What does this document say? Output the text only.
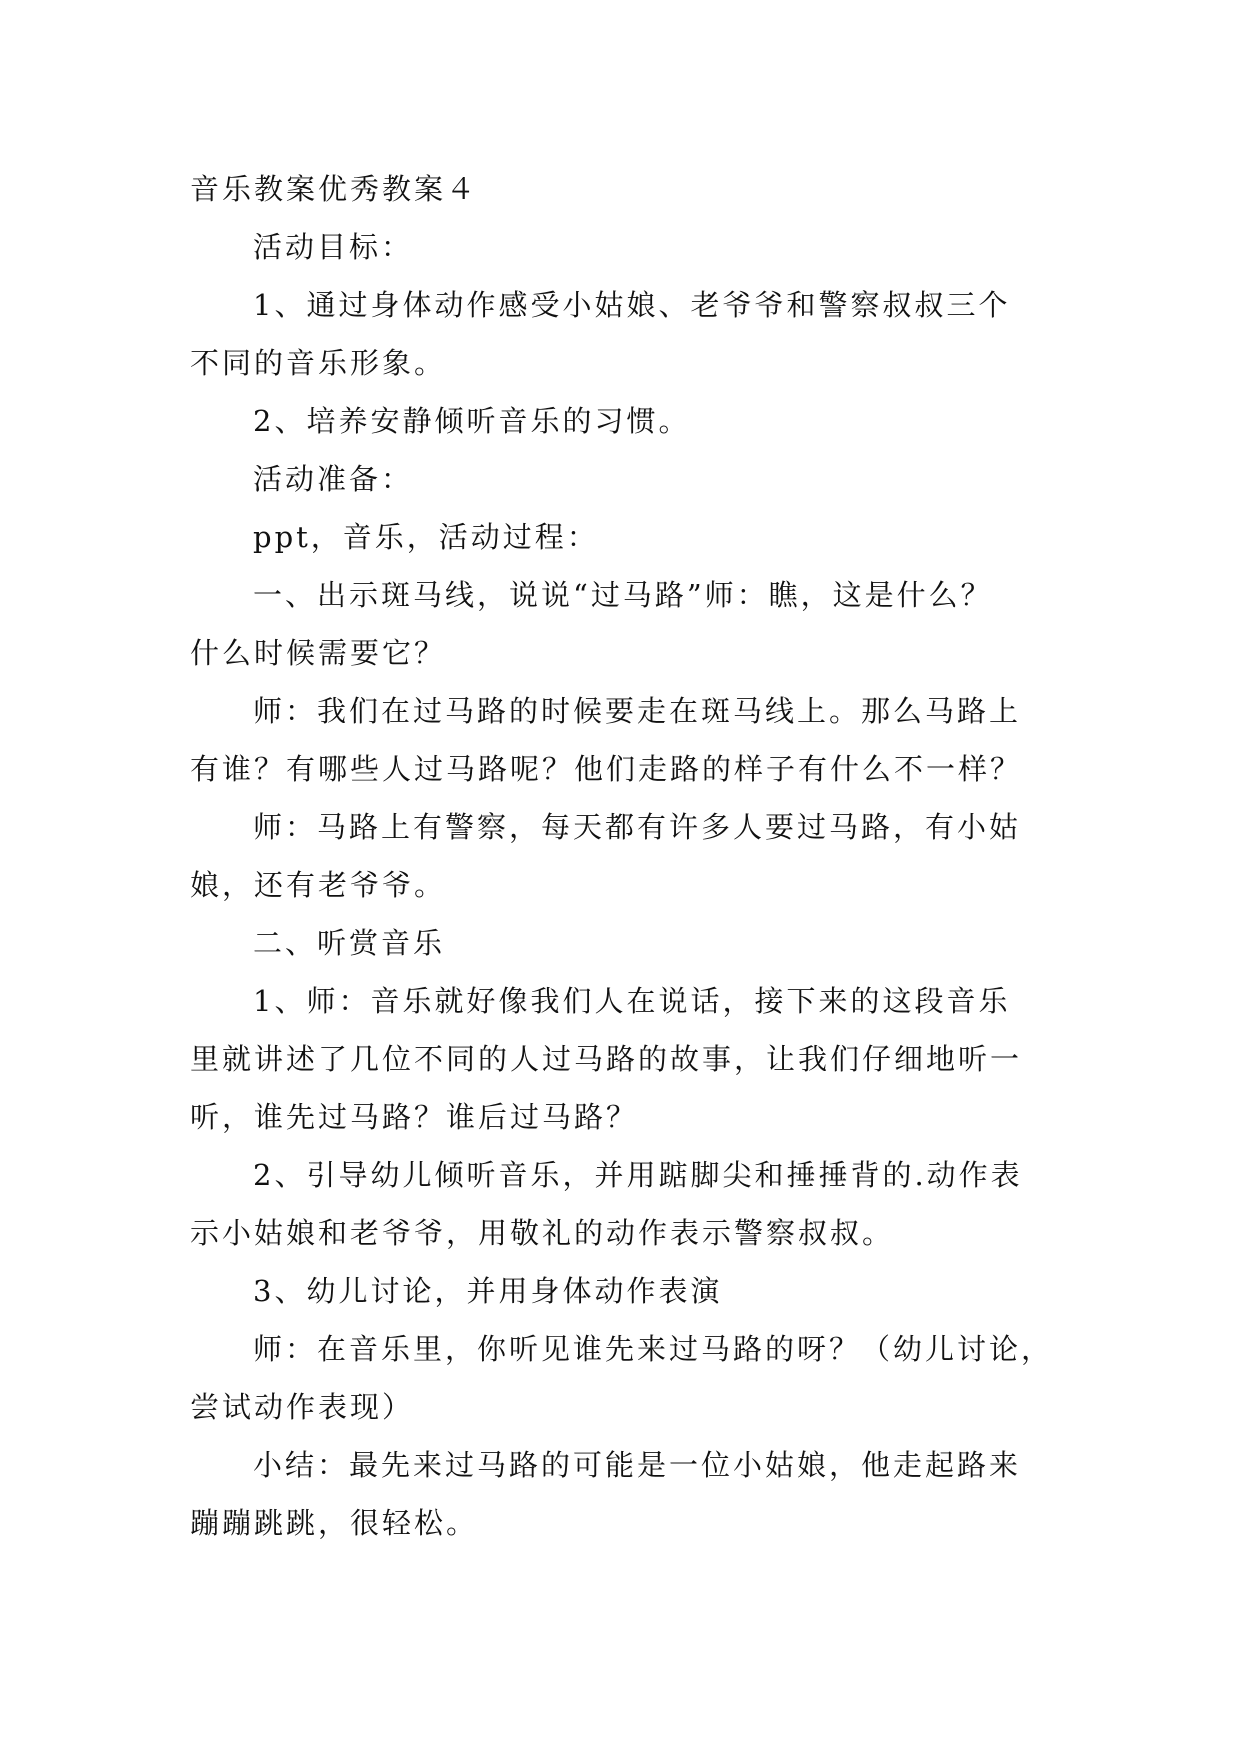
音乐教案优秀教案４
活动目标：
1、通过身体动作感受小姑娘、老爷爷和警察叔叔三个
不同的音乐形象。
2、培养安静倾听音乐的习惯。
活动准备：
ppt，音乐，活动过程：
一、出示斑马线，说说“过马路”师：瞧，这是什么？
什么时候需要它？
师：我们在过马路的时候要走在斑马线上。那么马路上
有谁？有哪些人过马路呢？他们走路的样子有什么不一样？
师：马路上有警察，每天都有许多人要过马路，有小姑
娘，还有老爷爷。
二、听赏音乐
1、师：音乐就好像我们人在说话，接下来的这段音乐
里就讲述了几位不同的人过马路的故事，让我们仔细地听一
听，谁先过马路？谁后过马路？
2、引导幼儿倾听音乐，并用踮脚尖和捶捶背的.动作表
示小姑娘和老爷爷，用敬礼的动作表示警察叔叔。
3、幼儿讨论，并用身体动作表演
师：在音乐里，你听见谁先来过马路的呀？（幼儿讨论，
尝试动作表现）
小结：最先来过马路的可能是一位小姑娘，他走起路来
蹦蹦跳跳，很轻松。
